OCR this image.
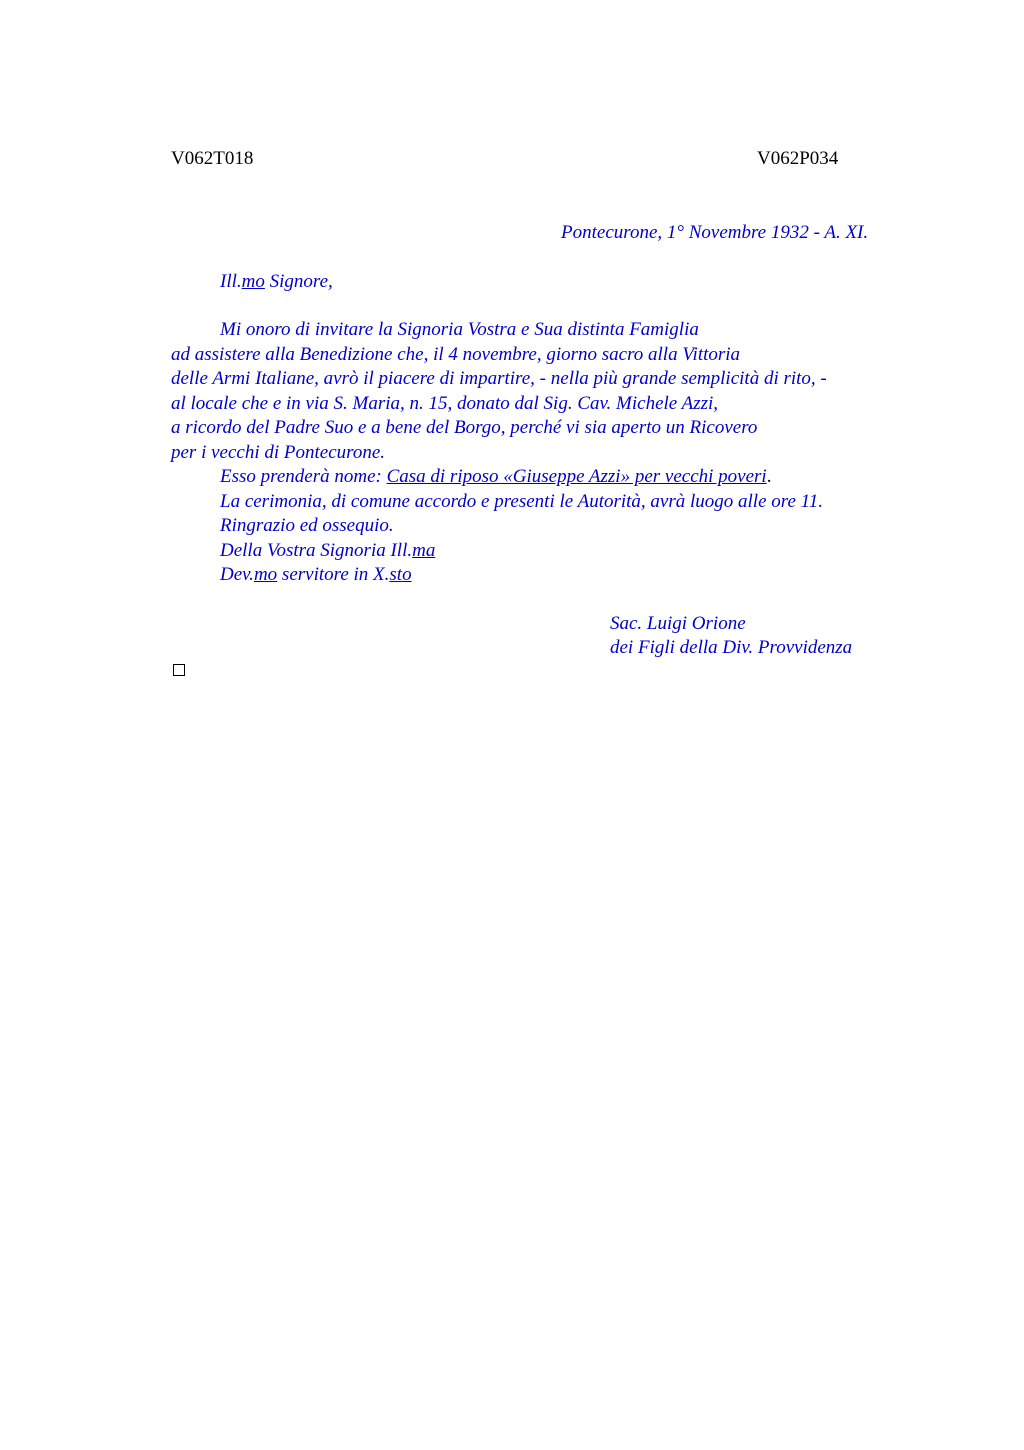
V062T018	V062P034
Pontecurone, 1° Novembre 1932 - A. XI.
Ill.mo Signore,
Mi onoro di invitare la Signoria Vostra e Sua distinta Famiglia
ad assistere alla Benedizione che, il 4 novembre, giorno sacro alla Vittoria
delle Armi Italiane, avrò il piacere di impartire, - nella più grande semplicità di rito, -
al locale che e in via S. Maria, n. 15, donato dal Sig. Cav. Michele Azzi,
a ricordo del Padre Suo e a bene del Borgo, perché vi sia aperto un Ricovero
per i vecchi di Pontecurone.
Esso prenderà nome: Casa di riposo «Giuseppe Azzi» per vecchi poveri.
La cerimonia, di comune accordo e presenti le Autorità, avrà luogo alle ore 11.
Ringrazio ed ossequio.
Della Vostra Signoria Ill.ma
Dev.mo servitore in X.sto
Sac. Luigi Orione
dei Figli della Div. Provvidenza
